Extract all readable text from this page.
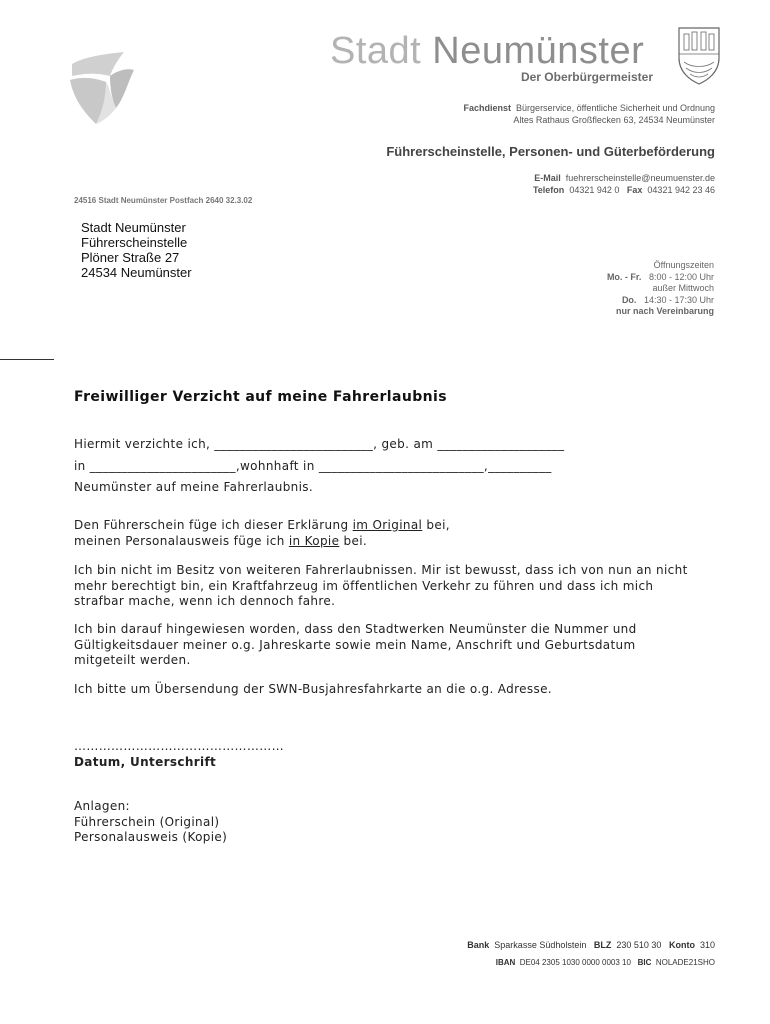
Stadt Neumünster
Der Oberbürgermeister
Fachdienst Bürgerservice, öffentliche Sicherheit und Ordnung
Altes Rathaus Großflecken 63, 24534 Neumünster
Führerscheinstelle, Personen- und Güterbeförderung
E-Mail fuehrerscheinstelle@neumuenster.de
Telefon 04321 942 0 Fax 04321 942 23 46
24516 Stadt Neumünster Postfach 2640 32.3.02
Stadt Neumünster
Führerscheinstelle
Plöner Straße 27
24534 Neumünster	Öffnungszeiten
Mo. - Fr. 8:00 - 12:00 Uhr
außer Mittwoch
Do. 14:30 - 17:30 Uhr
nur nach Vereinbarung
Freiwilliger Verzicht auf meine Fahrerlaubnis
Hiermit verzichte ich, _________________________, geb. am ____________________
in _______________________,wohnhaft in __________________________,__________
Neumünster auf meine Fahrerlaubnis.
Den Führerschein füge ich dieser Erklärung im Original bei,
meinen Personalausweis füge ich in Kopie bei.
Ich bin nicht im Besitz von weiteren Fahrerlaubnissen. Mir ist bewusst, dass ich von nun an nicht
mehr berechtigt bin, ein Kraftfahrzeug im öffentlichen Verkehr zu führen und dass ich mich
strafbar mache, wenn ich dennoch fahre.
Ich bin darauf hingewiesen worden, dass den Stadtwerken Neumünster die Nummer und
Gültigkeitsdauer meiner o.g. Jahreskarte sowie mein Name, Anschrift und Geburtsdatum
mitgeteilt werden.
Ich bitte um Übersendung der SWN-Busjahresfahrkarte an die o.g. Adresse.
……………………………………………
Datum, Unterschrift
Anlagen:
Führerschein (Original)
Personalausweis (Kopie)
Bank Sparkasse Südholstein BLZ 230 510 30 Konto 310
IBAN DE04 2305 1030 0000 0003 10 BIC NOLADE21SHO
